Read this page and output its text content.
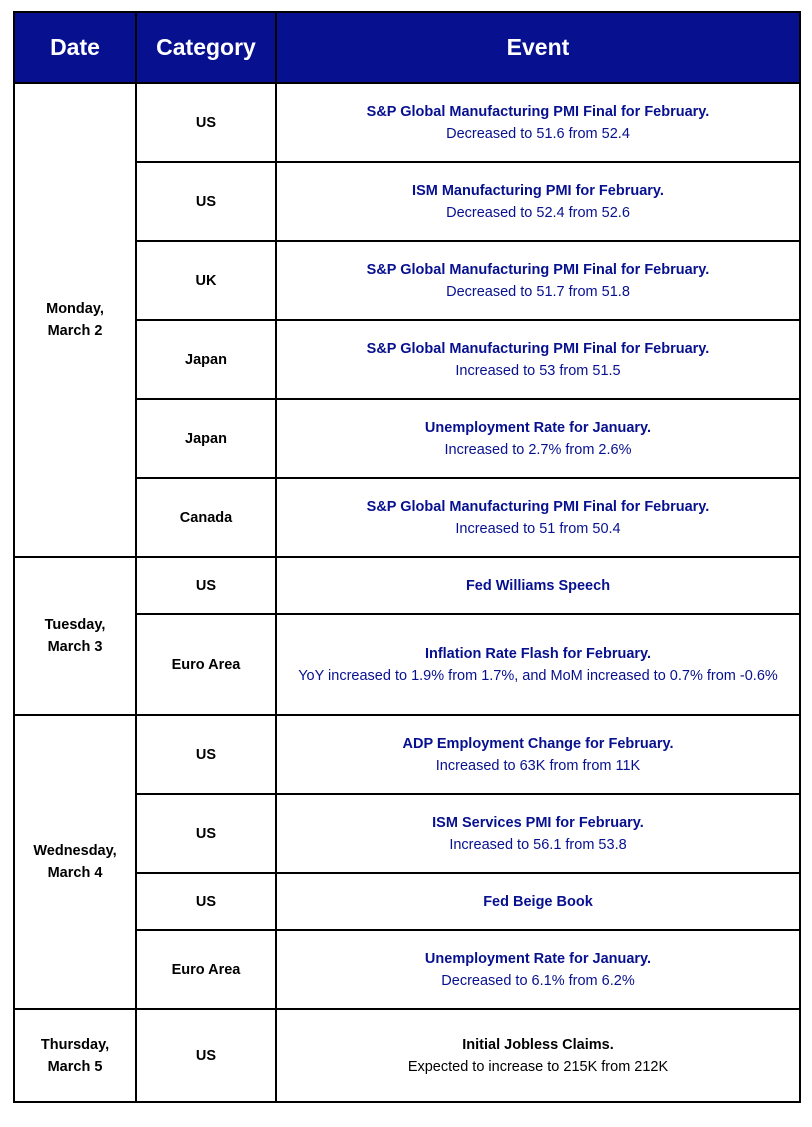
Date	Category	Event
Monday,
March 2	US	S&P Global Manufacturing PMI Final for February.
Decreased to 51.6 from 52.4

	US	ISM Manufacturing PMI for February.
Decreased to 52.4 from 52.6

	UK	S&P Global Manufacturing PMI Final for February.
Decreased to 51.7 from 51.8

	Japan	S&P Global Manufacturing PMI Final for February.
Increased to 53 from 51.5

	Japan	Unemployment Rate for January.
Increased to 2.7% from 2.6%

	Canada	S&P Global Manufacturing PMI Final for February.
Increased to 51 from 50.4

Tuesday,
March 3	US	Fed Williams Speech

	Euro Area	Inflation Rate Flash for February.
YoY increased to 1.9% from 1.7%, and MoM increased to 0.7% from -0.6%

Wednesday,
March 4	US	ADP Employment Change for February.
Increased to 63K from from 11K

	US	ISM Services PMI for February.
Increased to 56.1 from 53.8

	US	Fed Beige Book

	Euro Area	Unemployment Rate for January.
Decreased to 6.1% from 6.2%

Thursday,
March 5	US	Initial Jobless Claims.
Expected to increase to 215K from 212K
